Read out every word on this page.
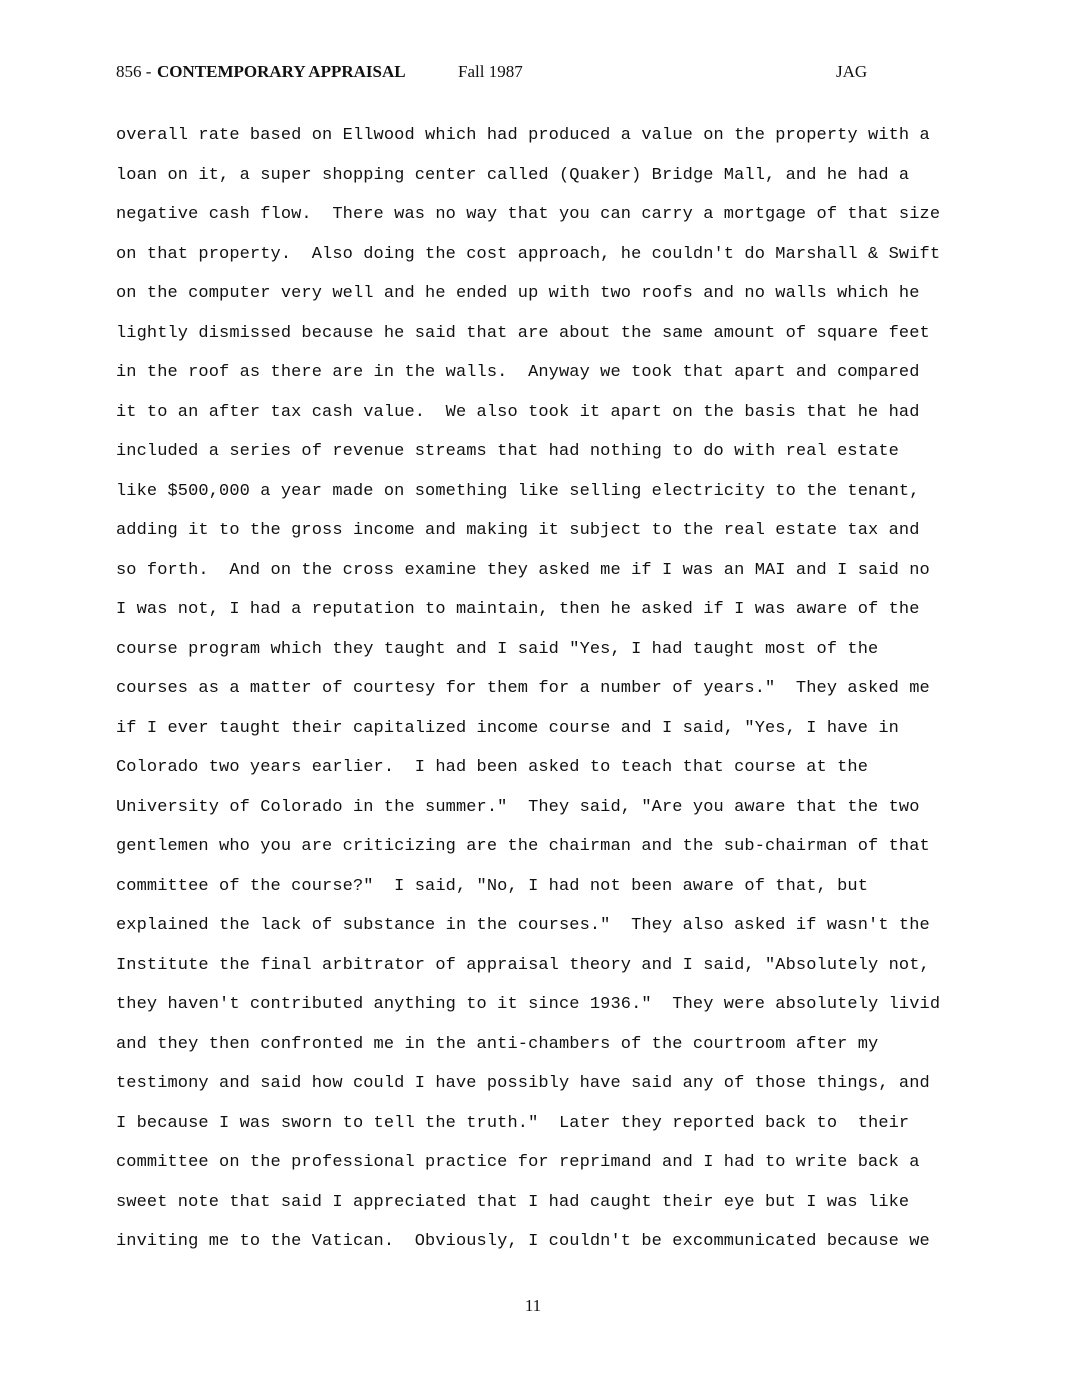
856 - CONTEMPORARY APPRAISAL	Fall 1987	JAG
overall rate based on Ellwood which had produced a value on the property with a
loan on it, a super shopping center called (Quaker) Bridge Mall, and he had a
negative cash flow.  There was no way that you can carry a mortgage of that size
on that property.  Also doing the cost approach, he couldn't do Marshall & Swift
on the computer very well and he ended up with two roofs and no walls which he
lightly dismissed because he said that are about the same amount of square feet
in the roof as there are in the walls.  Anyway we took that apart and compared
it to an after tax cash value.  We also took it apart on the basis that he had
included a series of revenue streams that had nothing to do with real estate
like $500,000 a year made on something like selling electricity to the tenant,
adding it to the gross income and making it subject to the real estate tax and
so forth.  And on the cross examine they asked me if I was an MAI and I said no
I was not, I had a reputation to maintain, then he asked if I was aware of the
course program which they taught and I said "Yes, I had taught most of the
courses as a matter of courtesy for them for a number of years."  They asked me
if I ever taught their capitalized income course and I said, "Yes, I have in
Colorado two years earlier.  I had been asked to teach that course at the
University of Colorado in the summer."  They said, "Are you aware that the two
gentlemen who you are criticizing are the chairman and the sub-chairman of that
committee of the course?"  I said, "No, I had not been aware of that, but
explained the lack of substance in the courses."  They also asked if wasn't the
Institute the final arbitrator of appraisal theory and I said, "Absolutely not,
they haven't contributed anything to it since 1936."  They were absolutely livid
and they then confronted me in the anti-chambers of the courtroom after my
testimony and said how could I have possibly have said any of those things, and
I because I was sworn to tell the truth."  Later they reported back to  their
committee on the professional practice for reprimand and I had to write back a
sweet note that said I appreciated that I had caught their eye but I was like
inviting me to the Vatican.  Obviously, I couldn't be excommunicated because we
11
